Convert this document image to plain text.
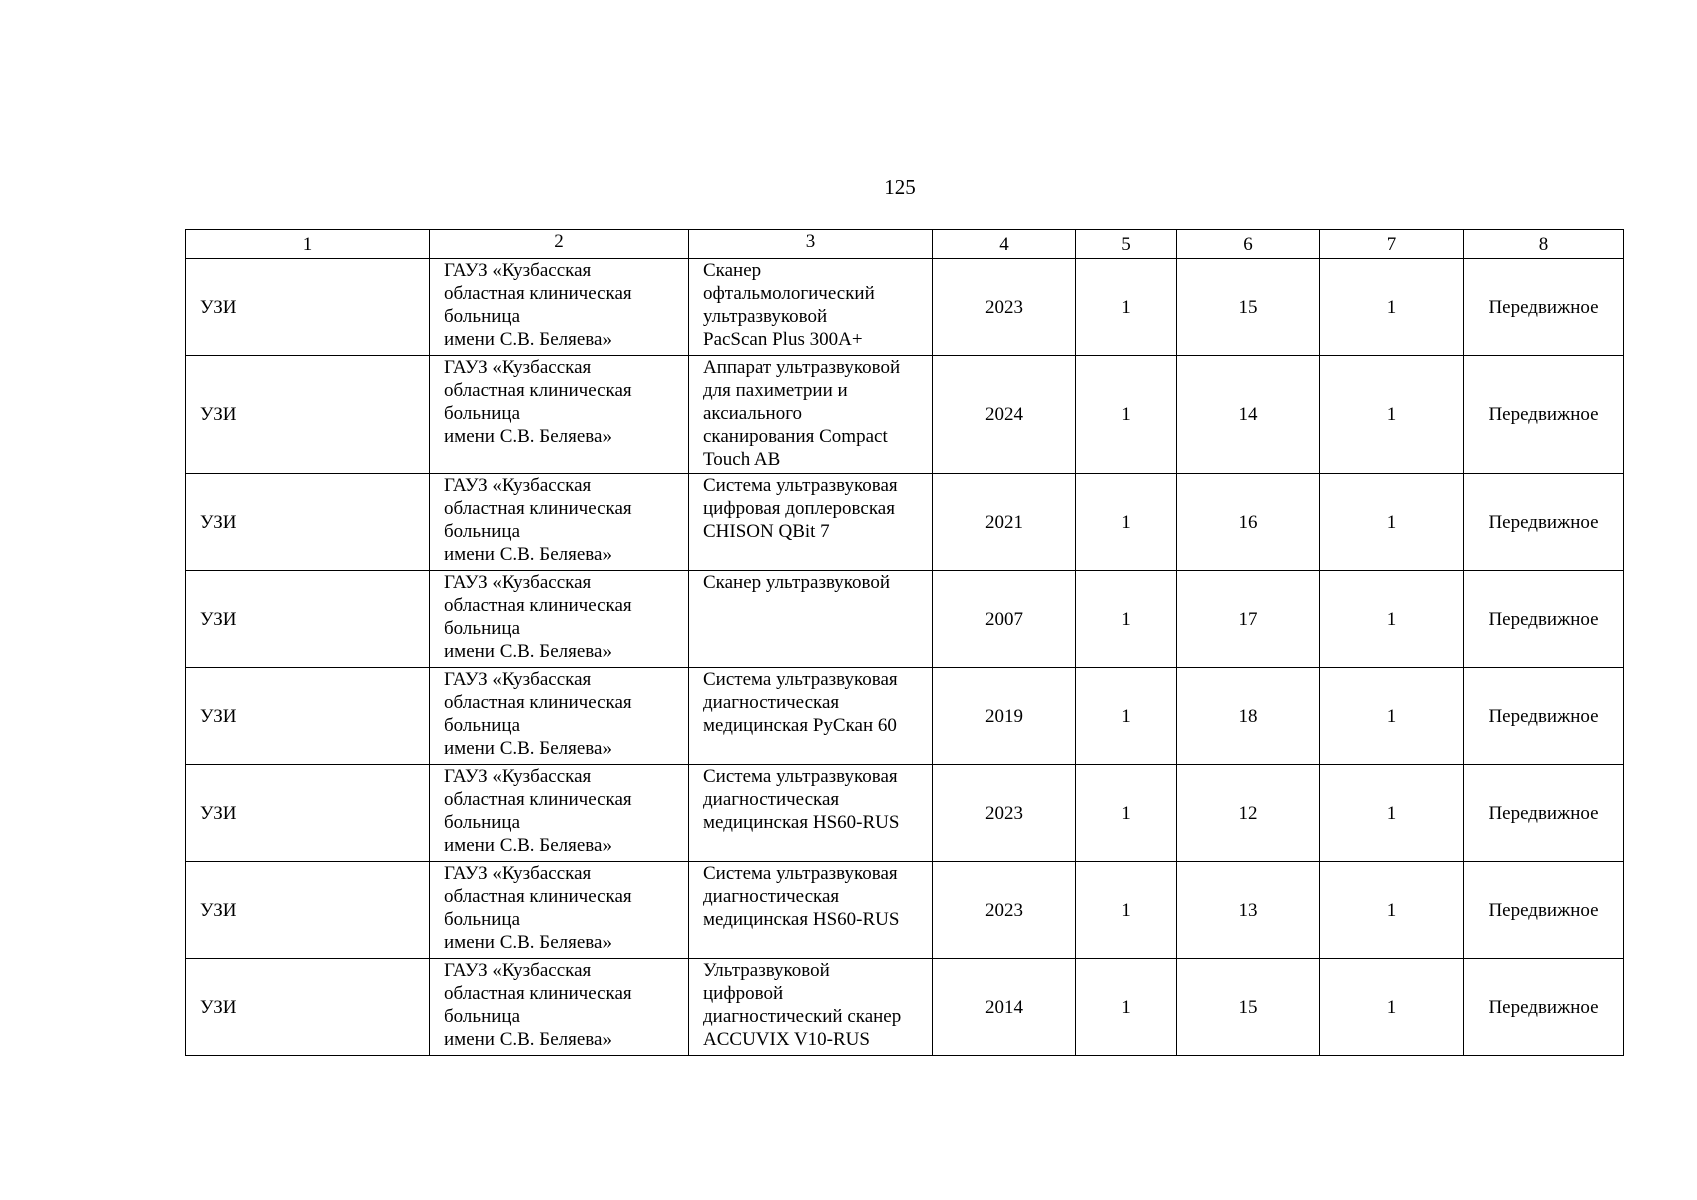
125
1	2	3	4	5	6	7	8
УЗИ	ГАУЗ «Кузбасская
областная клиническая
больница
имени С.В. Беляева»	Сканер
офтальмологический
ультразвуковой
PacScan Plus 300A+	2023	1	15	1	Передвижное
УЗИ	ГАУЗ «Кузбасская
областная клиническая
больница
имени С.В. Беляева»	Аппарат ультразвуковой
для пахиметрии и
аксиального
сканирования Compact
Touch AB	2024	1	14	1	Передвижное
УЗИ	ГАУЗ «Кузбасская
областная клиническая
больница
имени С.В. Беляева»	Система ультразвуковая
цифровая доплеровская
CHISON QBit 7	2021	1	16	1	Передвижное
УЗИ	ГАУЗ «Кузбасская
областная клиническая
больница
имени С.В. Беляева»	Сканер ультразвуковой	2007	1	17	1	Передвижное
УЗИ	ГАУЗ «Кузбасская
областная клиническая
больница
имени С.В. Беляева»	Система ультразвуковая
диагностическая
медицинская РуСкан 60	2019	1	18	1	Передвижное
УЗИ	ГАУЗ «Кузбасская
областная клиническая
больница
имени С.В. Беляева»	Система ультразвуковая
диагностическая
медицинская HS60-RUS	2023	1	12	1	Передвижное
УЗИ	ГАУЗ «Кузбасская
областная клиническая
больница
имени С.В. Беляева»	Система ультразвуковая
диагностическая
медицинская HS60-RUS	2023	1	13	1	Передвижное
УЗИ	ГАУЗ «Кузбасская
областная клиническая
больница
имени С.В. Беляева»	Ультразвуковой
цифровой
диагностический сканер
ACCUVIX V10-RUS	2014	1	15	1	Передвижное
